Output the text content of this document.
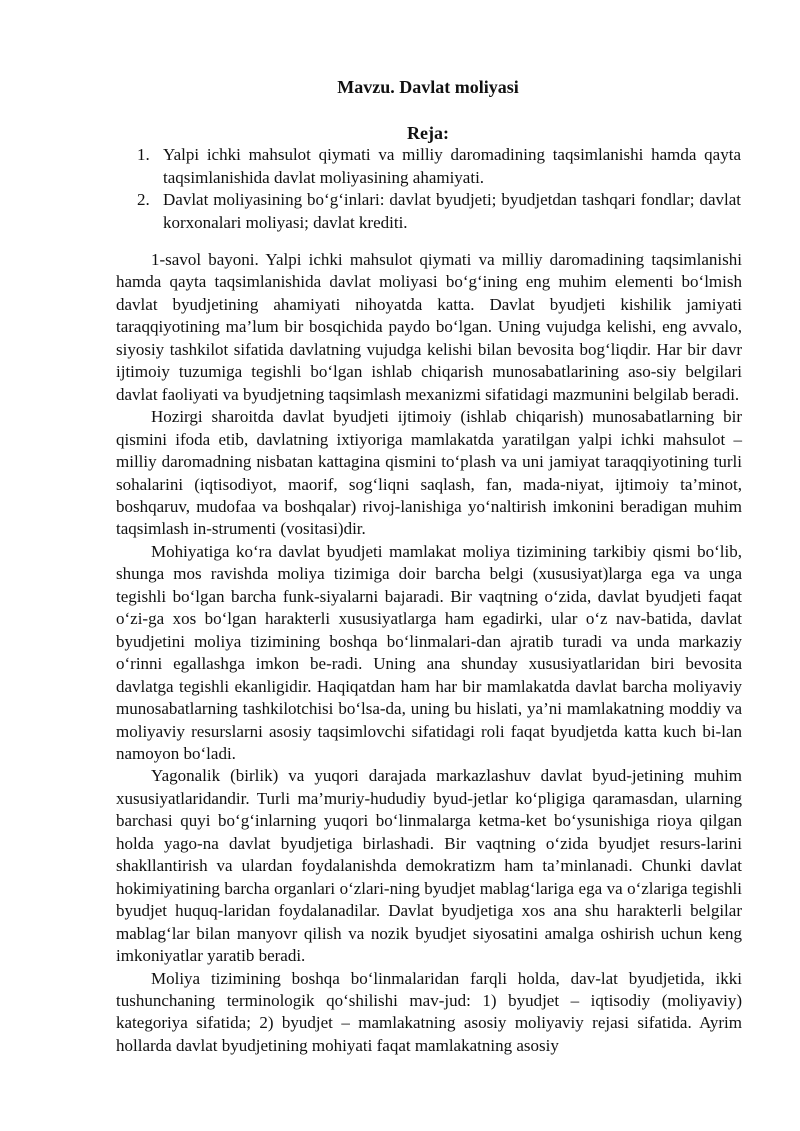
Mavzu. Davlat moliyasi
Reja:
1. Yalpi ichki mahsulot qiymati va milliy daromadining taqsimlanishi hamda qayta taqsimlanishida davlat moliyasining ahamiyati.
2. Davlat moliyasining bo‘g‘inlari: davlat byudjeti; byudjetdan tashqari fondlar; davlat korxonalari moliyasi; davlat krediti.

1-savol bayoni. Yalpi ichki mahsulot qiymati va milliy daromadining taqsimlanishi hamda qayta taqsimlanishida davlat moliyasi bo‘g‘ining eng muhim elementi bo‘lmish davlat byudjetining ahamiyati nihoyatda katta. Davlat byudjeti kishilik jamiyati taraqqiyotining ma’lum bir bosqichida paydo bo‘lgan. Uning vujudga kelishi, eng avvalo, siyosiy tashkilot sifatida davlatning vujudga kelishi bilan bevosita bog‘liqdir. Har bir davr ijtimoiy tuzumiga tegishli bo‘lgan ishlab chiqarish munosabatlarining aso-siy belgilari davlat faoliyati va byudjetning taqsimlash mexanizmi sifatidagi mazmunini belgilab beradi.

Hozirgi sharoitda davlat byudjeti ijtimoiy (ishlab chiqarish) munosabatlarning bir qismini ifoda etib, davlatning ixtiyoriga mamlakatda yaratilgan yalpi ichki mahsulot – milliy daromadning nisbatan kattagina qismini to‘plash va uni jamiyat taraqqiyotining turli sohalarini (iqtisodiyot, maorif, sog‘liqni saqlash, fan, mada-niyat, ijtimoiy ta’minot, boshqaruv, mudofaa va boshqalar) rivoj-lanishiga yo‘naltirish imkonini beradigan muhim taqsimlash in-strumenti (vositasi)dir.

Mohiyatiga ko‘ra davlat byudjeti mamlakat moliya tizimining tarkibiy qismi bo‘lib, shunga mos ravishda moliya tizimiga doir barcha belgi (xususiyat)larga ega va unga tegishli bo‘lgan barcha funk-siyalarni bajaradi. Bir vaqtning o‘zida, davlat byudjeti faqat o‘zi-ga xos bo‘lgan harakterli xususiyatlarga ham egadirki, ular o‘z nav-batida, davlat byudjetini moliya tizimining boshqa bo‘linmalari-dan ajratib turadi va unda markaziy o‘rinni egallashga imkon be-radi. Uning ana shunday xususiyatlaridan biri bevosita davlatga tegishli ekanligidir. Haqiqatdan ham har bir mamlakatda davlat barcha moliyaviy munosabatlarning tashkilotchisi bo‘lsa-da, uning bu hislati, ya’ni mamlakatning moddiy va moliyaviy resurslarni asosiy taqsimlovchi sifatidagi roli faqat byudjetda katta kuch bi-lan namoyon bo‘ladi.

Yagonalik (birlik) va yuqori darajada markazlashuv davlat byud-jetining muhim xususiyatlaridandir. Turli ma’muriy-hududiy byud-jetlar ko‘pligiga qaramasdan, ularning barchasi quyi bo‘g‘inlarning yuqori bo‘linmalarga ketma-ket bo‘ysunishiga rioya qilgan holda yago-na davlat byudjetiga birlashadi. Bir vaqtning o‘zida byudjet resurs-larini shakllantirish va ulardan foydalanishda demokratizm ham ta’minlanadi. Chunki davlat hokimiyatining barcha organlari o‘zlari-ning byudjet mablag‘lariga ega va o‘zlariga tegishli byudjet huquq-laridan foydalanadilar. Davlat byudjetiga xos ana shu harakterli belgilar mablag‘lar bilan manyovr qilish va nozik byudjet siyosatini amalga oshirish uchun keng imkoniyatlar yaratib beradi.

Moliya tizimining boshqa bo‘linmalaridan farqli holda, dav-lat byudjetida, ikki tushunchaning terminologik qo‘shilishi mav-jud: 1) byudjet – iqtisodiy (moliyaviy) kategoriya sifatida; 2) byudjet – mamlakatning asosiy moliyaviy rejasi sifatida. Ayrim hollarda davlat byudjetining mohiyati faqat mamlakatning asosiy
